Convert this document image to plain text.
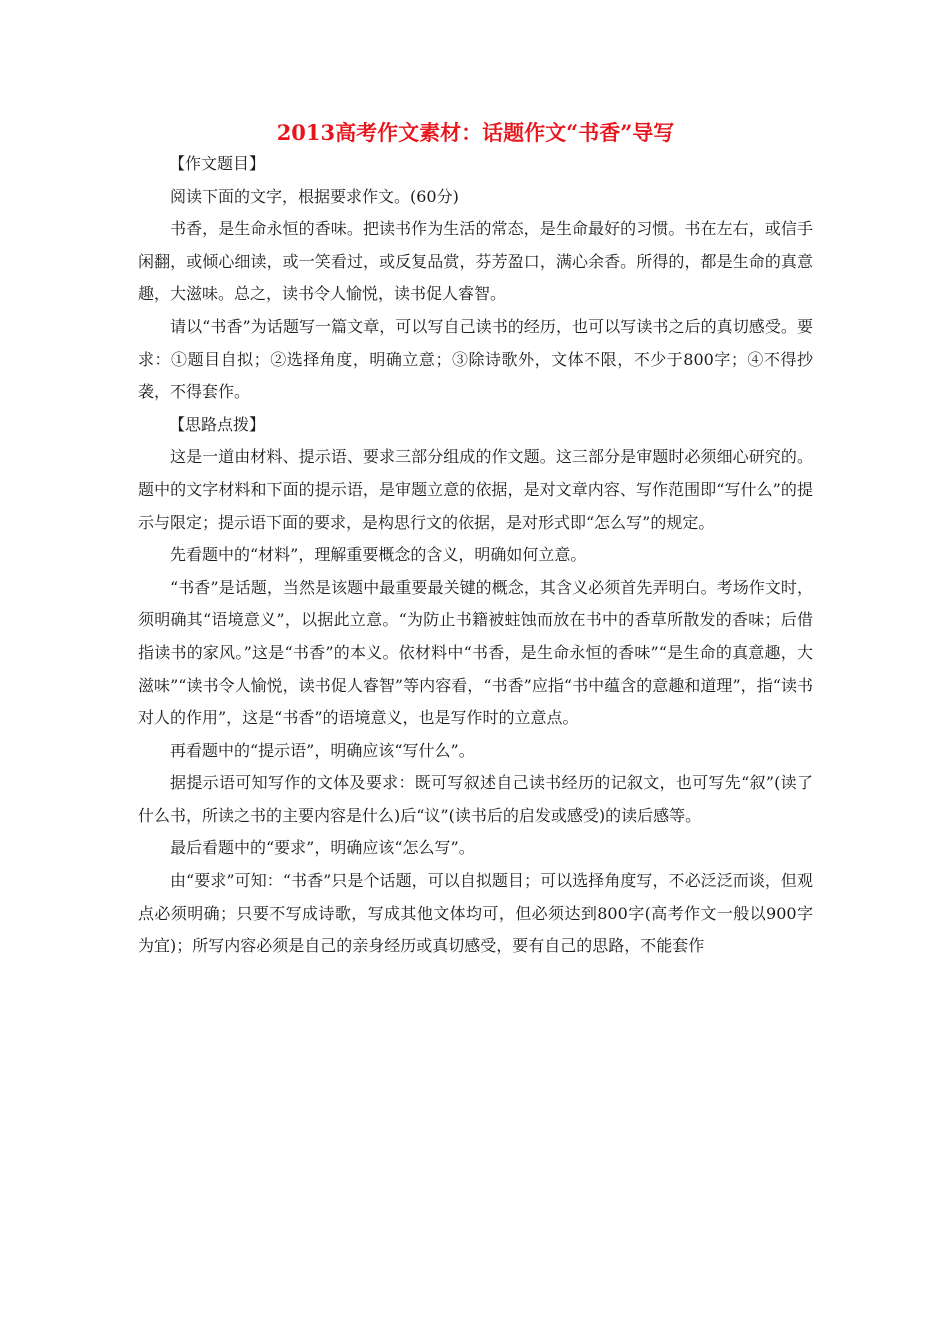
2013高考作文素材：话题作文“书香”导写

【作文题目】

阅读下面的文字，根据要求作文。(60分)

书香，是生命永恒的香味。把读书作为生活的常态，是生命最好的习惯。书在左右，或信手闲翻，或倾心细读，或一笑看过，或反复品赏，芬芳盈口，满心余香。所得的，都是生命的真意趣，大滋味。总之，读书令人愉悦，读书促人睿智。

请以“书香”为话题写一篇文章，可以写自己读书的经历，也可以写读书之后的真切感受。要求：①题目自拟；②选择角度，明确立意；③除诗歌外，文体不限，不少于800字；④不得抄袭，不得套作。

【思路点拨】

这是一道由材料、提示语、要求三部分组成的作文题。这三部分是审题时必须细心研究的。题中的文字材料和下面的提示语，是审题立意的依据，是对文章内容、写作范围即“写什么”的提示与限定；提示语下面的要求，是构思行文的依据，是对形式即“怎么写”的规定。

先看题中的“材料”，理解重要概念的含义，明确如何立意。

“书香”是话题，当然是该题中最重要最关键的概念，其含义必须首先弄明白。考场作文时，须明确其“语境意义”，以据此立意。“为防止书籍被蛀蚀而放在书中的香草所散发的香味；后借指读书的家风。”这是“书香”的本义。依材料中“书香，是生命永恒的香味”“是生命的真意趣，大滋味”“读书令人愉悦，读书促人睿智”等内容看，“书香”应指“书中蕴含的意趣和道理”，指“读书对人的作用”，这是“书香”的语境意义，也是写作时的立意点。

再看题中的“提示语”，明确应该“写什么”。

据提示语可知写作的文体及要求：既可写叙述自己读书经历的记叙文，也可写先“叙”(读了什么书，所读之书的主要内容是什么)后“议”(读书后的启发或感受)的读后感等。

最后看题中的“要求”，明确应该“怎么写”。

由“要求”可知：“书香”只是个话题，可以自拟题目；可以选择角度写，不必泛泛而谈，但观点必须明确；只要不写成诗歌，写成其他文体均可，但必须达到800字(高考作文一般以900字为宜)；所写内容必须是自己的亲身经历或真切感受，要有自己的思路，不能套作
